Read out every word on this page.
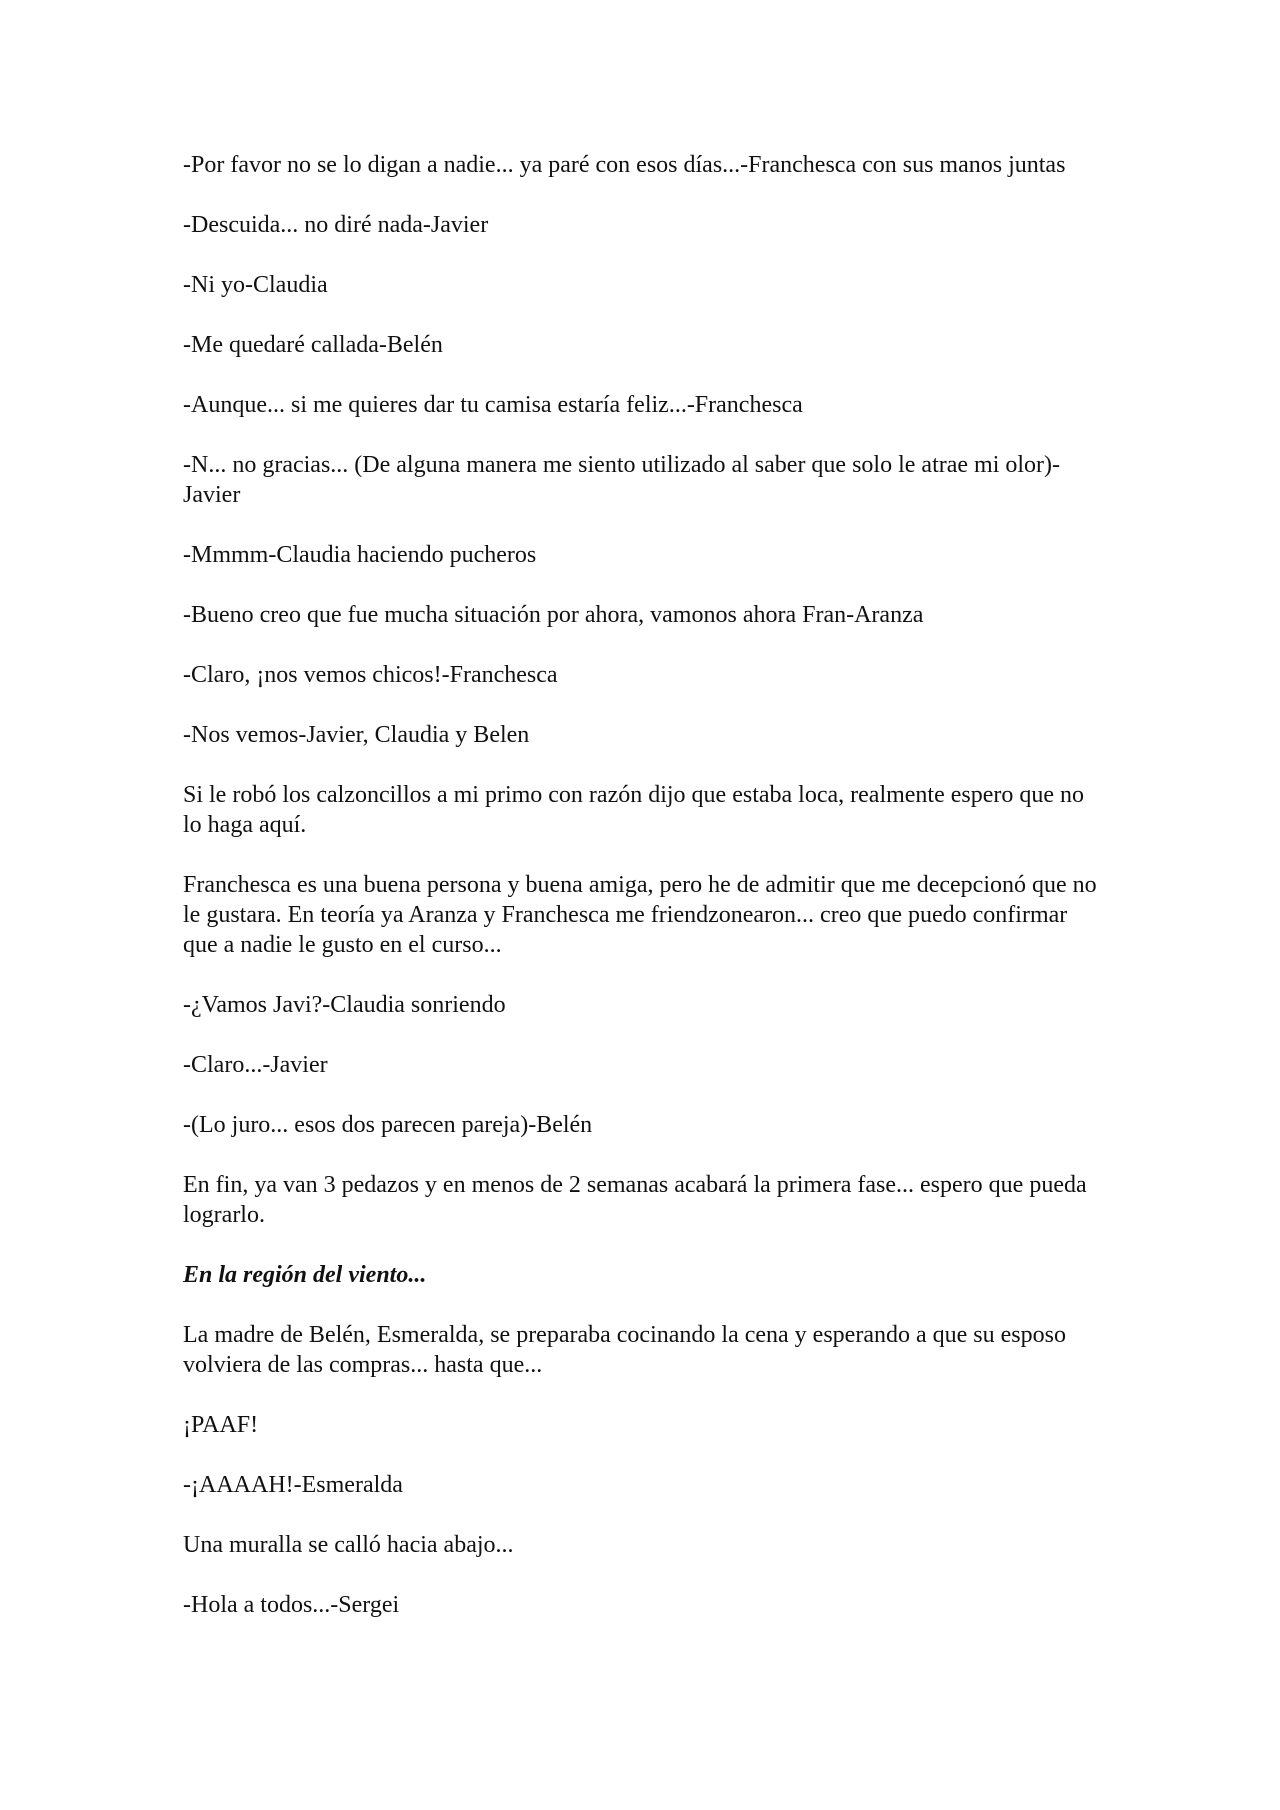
-Por favor no se lo digan a nadie... ya paré con esos días...-Franchesca con sus manos juntas

-Descuida... no diré nada-Javier

-Ni yo-Claudia

-Me quedaré callada-Belén

-Aunque... si me quieres dar tu camisa estaría feliz...-Franchesca

-N... no gracias... (De alguna manera me siento utilizado al saber que solo le atrae mi olor)-Javier

-Mmmm-Claudia haciendo pucheros

-Bueno creo que fue mucha situación por ahora, vamonos ahora Fran-Aranza

-Claro, ¡nos vemos chicos!-Franchesca

-Nos vemos-Javier, Claudia y Belen

Si le robó los calzoncillos a mi primo con razón dijo que estaba loca, realmente espero que no lo haga aquí.

Franchesca es una buena persona y buena amiga, pero he de admitir que me decepcionó que no le gustara. En teoría ya Aranza y Franchesca me friendzonearon... creo que puedo confirmar que a nadie le gusto en el curso...

-¿Vamos Javi?-Claudia sonriendo

-Claro...-Javier

-(Lo juro... esos dos parecen pareja)-Belén

En fin, ya van 3 pedazos y en menos de 2 semanas acabará la primera fase... espero que pueda lograrlo.

En la región del viento...

La madre de Belén, Esmeralda, se preparaba cocinando la cena y esperando a que su esposo volviera de las compras... hasta que...

¡PAAF!

-¡AAAAH!-Esmeralda

Una muralla se calló hacia abajo...

-Hola a todos...-Sergei
